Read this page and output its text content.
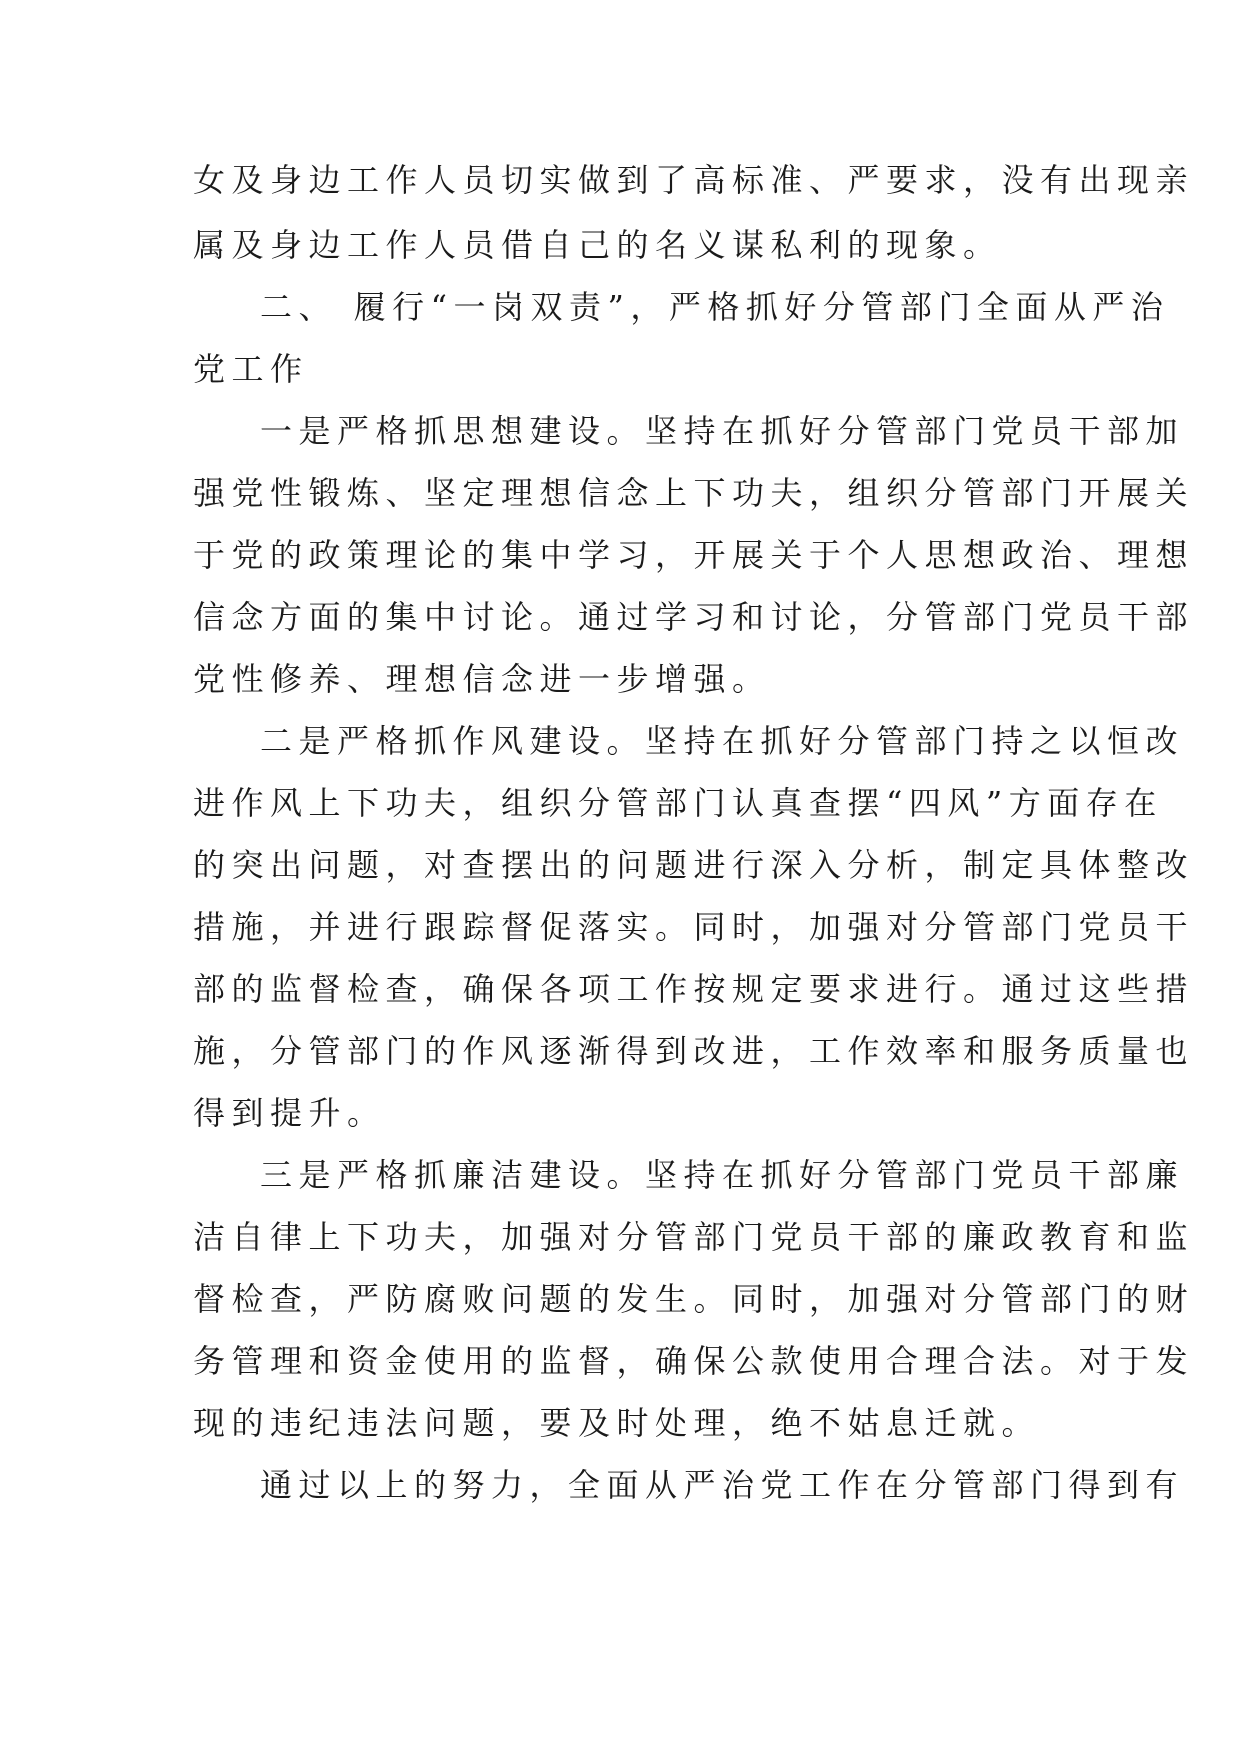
女及身边工作人员切实做到了高标准、严要求，没有出现亲
属及身边工作人员借自己的名义谋私利的现象。
二、 履行“一岗双责”，严格抓好分管部门全面从严治
党工作
一是严格抓思想建设。坚持在抓好分管部门党员干部加
强党性锻炼、坚定理想信念上下功夫，组织分管部门开展关
于党的政策理论的集中学习，开展关于个人思想政治、理想
信念方面的集中讨论。通过学习和讨论，分管部门党员干部
党性修养、理想信念进一步增强。
二是严格抓作风建设。坚持在抓好分管部门持之以恒改
进作风上下功夫，组织分管部门认真查摆“四风”方面存在
的突出问题，对查摆出的问题进行深入分析，制定具体整改
措施，并进行跟踪督促落实。同时，加强对分管部门党员干
部的监督检查，确保各项工作按规定要求进行。通过这些措
施，分管部门的作风逐渐得到改进，工作效率和服务质量也
得到提升。
三是严格抓廉洁建设。坚持在抓好分管部门党员干部廉
洁自律上下功夫，加强对分管部门党员干部的廉政教育和监
督检查，严防腐败问题的发生。同时，加强对分管部门的财
务管理和资金使用的监督，确保公款使用合理合法。对于发
现的违纪违法问题，要及时处理，绝不姑息迁就。
通过以上的努力，全面从严治党工作在分管部门得到有
